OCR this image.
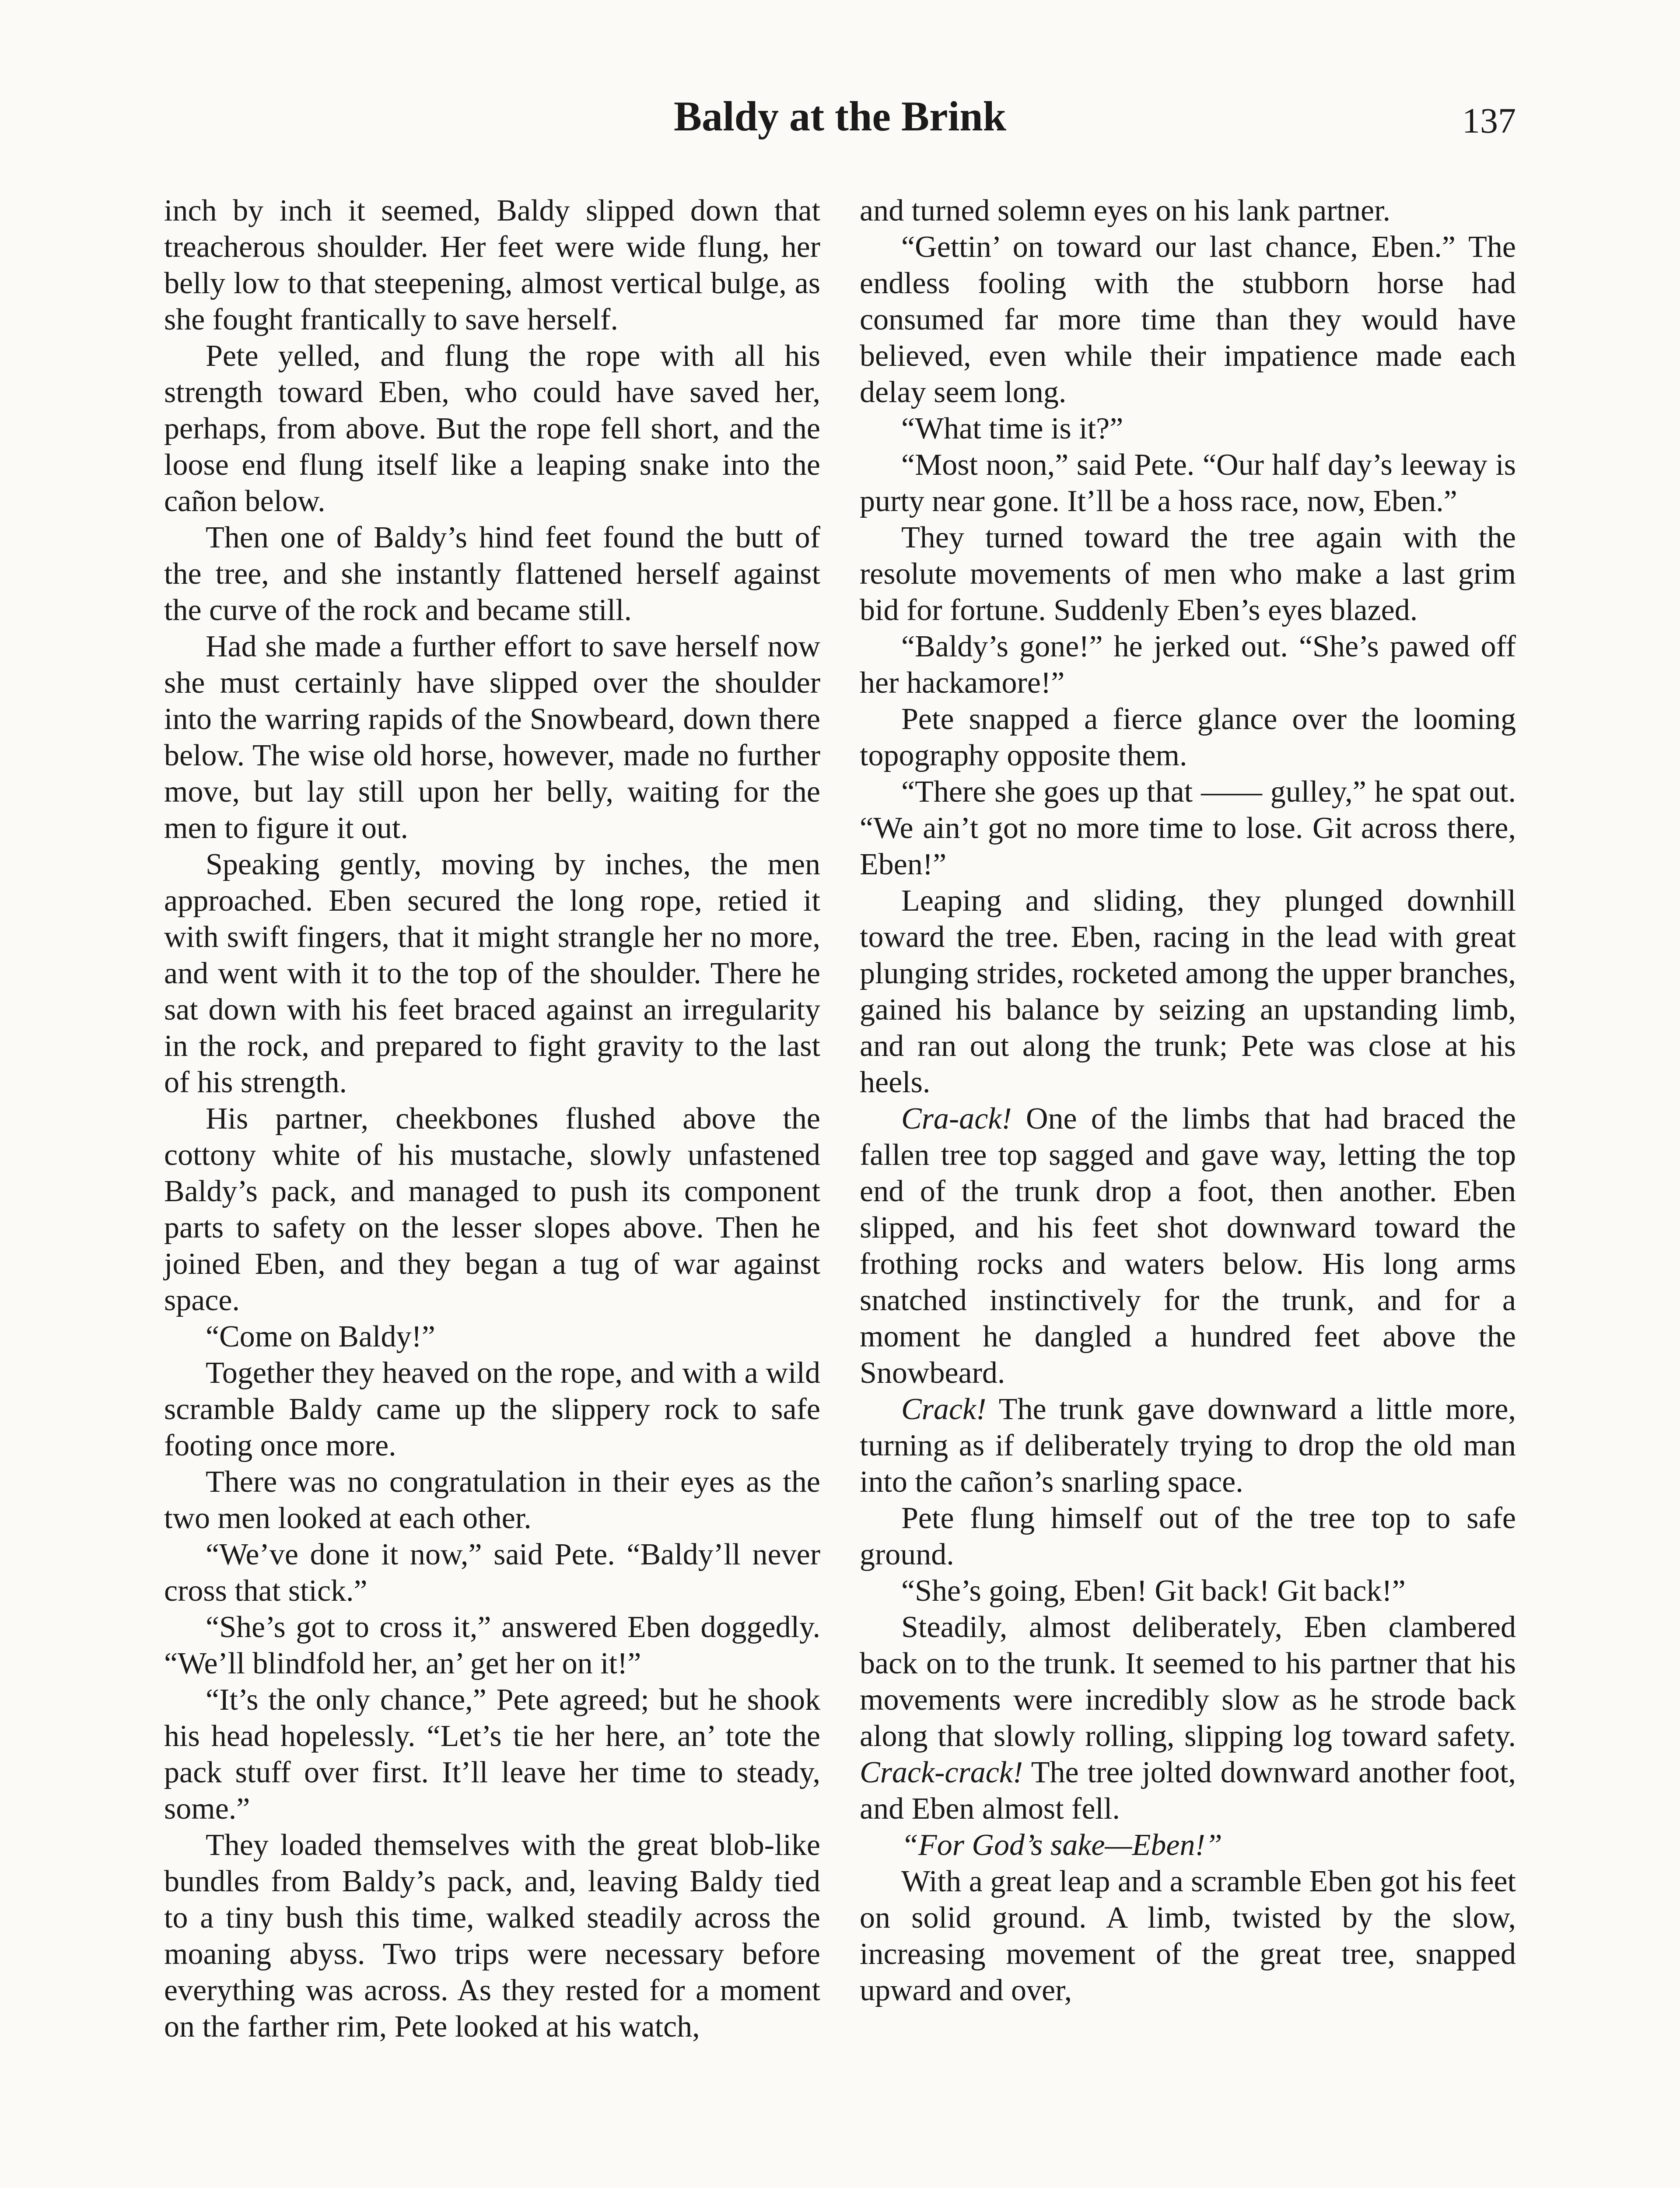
Baldy at the Brink	137

inch by inch it seemed, Baldy slipped down that treacherous shoulder. Her feet were wide flung, her belly low to that steepening, almost vertical bulge, as she fought frantically to save herself.

Pete yelled, and flung the rope with all his strength toward Eben, who could have saved her, perhaps, from above. But the rope fell short, and the loose end flung itself like a leaping snake into the cañon below.

Then one of Baldy’s hind feet found the butt of the tree, and she instantly flattened herself against the curve of the rock and became still.

Had she made a further effort to save herself now she must certainly have slipped over the shoulder into the warring rapids of the Snowbeard, down there below. The wise old horse, however, made no further move, but lay still upon her belly, waiting for the men to figure it out.

Speaking gently, moving by inches, the men approached. Eben secured the long rope, retied it with swift fingers, that it might strangle her no more, and went with it to the top of the shoulder. There he sat down with his feet braced against an irregularity in the rock, and prepared to fight gravity to the last of his strength.

His partner, cheekbones flushed above the cottony white of his mustache, slowly unfastened Baldy’s pack, and managed to push its component parts to safety on the lesser slopes above. Then he joined Eben, and they began a tug of war against space.

“Come on Baldy!”

Together they heaved on the rope, and with a wild scramble Baldy came up the slippery rock to safe footing once more.

There was no congratulation in their eyes as the two men looked at each other.

“We’ve done it now,” said Pete. “Baldy’ll never cross that stick.”

“She’s got to cross it,” answered Eben doggedly. “We’ll blindfold her, an’ get her on it!”

“It’s the only chance,” Pete agreed; but he shook his head hopelessly. “Let’s tie her here, an’ tote the pack stuff over first. It’ll leave her time to steady, some.”

They loaded themselves with the great blob-like bundles from Baldy’s pack, and, leaving Baldy tied to a tiny bush this time, walked steadily across the moaning abyss. Two trips were necessary before everything was across. As they rested for a moment on the farther rim, Pete looked at his watch,

and turned solemn eyes on his lank partner.

“Gettin’ on toward our last chance, Eben.” The endless fooling with the stubborn horse had consumed far more time than they would have believed, even while their impatience made each delay seem long.

“What time is it?”

“Most noon,” said Pete. “Our half day’s leeway is purty near gone. It’ll be a hoss race, now, Eben.”

They turned toward the tree again with the resolute movements of men who make a last grim bid for fortune. Suddenly Eben’s eyes blazed.

“Baldy’s gone!” he jerked out. “She’s pawed off her hackamore!”

Pete snapped a fierce glance over the looming topography opposite them.

“There she goes up that —— gulley,” he spat out. “We ain’t got no more time to lose. Git across there, Eben!”

Leaping and sliding, they plunged downhill toward the tree. Eben, racing in the lead with great plunging strides, rocketed among the upper branches, gained his balance by seizing an upstanding limb, and ran out along the trunk; Pete was close at his heels.

Cra-ack! One of the limbs that had braced the fallen tree top sagged and gave way, letting the top end of the trunk drop a foot, then another. Eben slipped, and his feet shot downward toward the frothing rocks and waters below. His long arms snatched instinctively for the trunk, and for a moment he dangled a hundred feet above the Snowbeard.

Crack! The trunk gave downward a little more, turning as if deliberately trying to drop the old man into the cañon’s snarling space.

Pete flung himself out of the tree top to safe ground.

“She’s going, Eben! Git back! Git back!”

Steadily, almost deliberately, Eben clambered back on to the trunk. It seemed to his partner that his movements were incredibly slow as he strode back along that slowly rolling, slipping log toward safety. Crack-crack! The tree jolted downward another foot, and Eben almost fell.

“For God’s sake—Eben!”

With a great leap and a scramble Eben got his feet on solid ground. A limb, twisted by the slow, increasing movement of the great tree, snapped upward and over,
